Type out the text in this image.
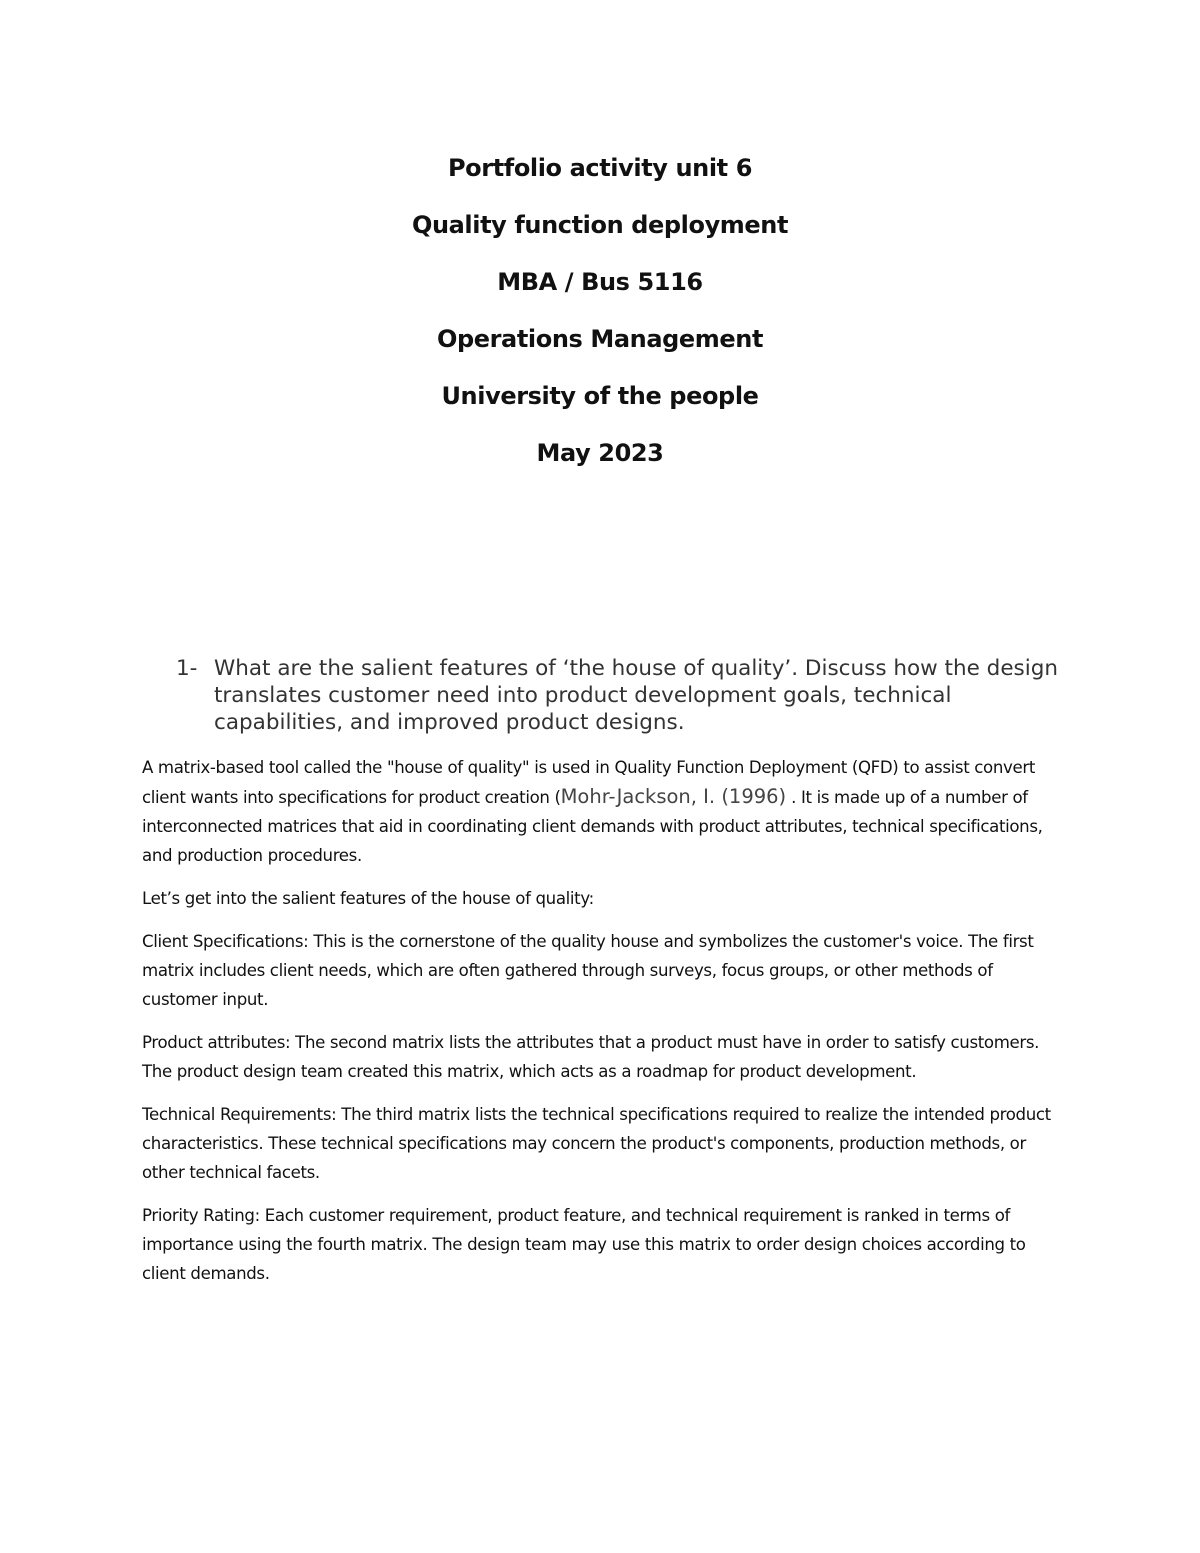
Portfolio activity unit 6

Quality function deployment

MBA / Bus 5116

Operations Management

University of the people

May 2023

1- What are the salient features of ‘the house of quality’. Discuss how the design translates customer need into product development goals, technical capabilities, and improved product designs.

A matrix-based tool called the "house of quality" is used in Quality Function Deployment (QFD) to assist convert client wants into specifications for product creation (Mohr-Jackson, I. (1996) . It is made up of a number of interconnected matrices that aid in coordinating client demands with product attributes, technical specifications, and production procedures.

Let’s get into the salient features of the house of quality:

Client Specifications: This is the cornerstone of the quality house and symbolizes the customer's voice. The first matrix includes client needs, which are often gathered through surveys, focus groups, or other methods of customer input.

Product attributes: The second matrix lists the attributes that a product must have in order to satisfy customers. The product design team created this matrix, which acts as a roadmap for product development.

Technical Requirements: The third matrix lists the technical specifications required to realize the intended product characteristics. These technical specifications may concern the product's components, production methods, or other technical facets.

Priority Rating: Each customer requirement, product feature, and technical requirement is ranked in terms of importance using the fourth matrix. The design team may use this matrix to order design choices according to client demands.
